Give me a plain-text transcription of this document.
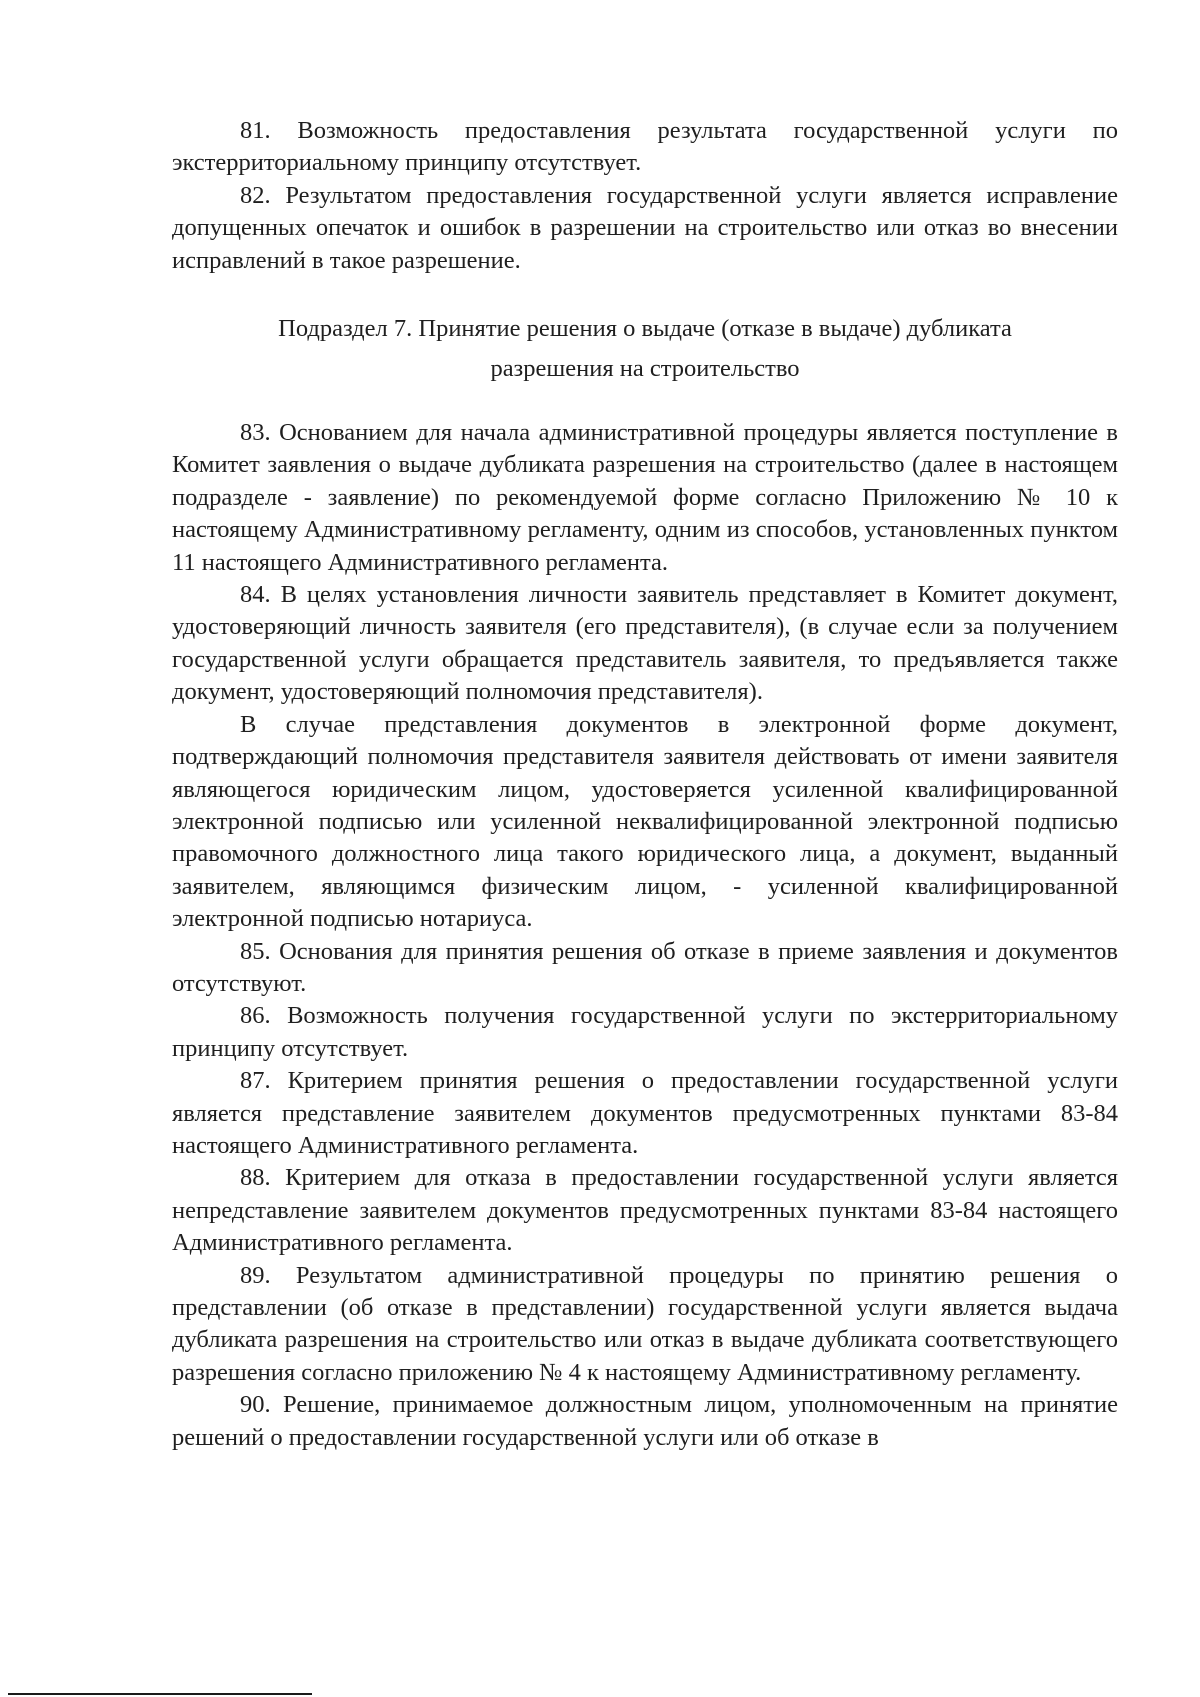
81. Возможность предоставления результата государственной услуги по экстерриториальному принципу отсутствует.

82. Результатом предоставления государственной услуги является исправление допущенных опечаток и ошибок в разрешении на строительство или отказ во внесении исправлений в такое разрешение.

Подраздел 7. Принятие решения о выдаче (отказе в выдаче) дубликата
разрешения на строительство

83. Основанием для начала административной процедуры является поступление в Комитет заявления о выдаче дубликата разрешения на строительство (далее в настоящем подразделе - заявление) по рекомендуемой форме согласно Приложению № 10 к настоящему Административному регламенту, одним из способов, установленных пунктом 11 настоящего Административного регламента.

84. В целях установления личности заявитель представляет в Комитет документ, удостоверяющий личность заявителя (его представителя), (в случае если за получением государственной услуги обращается представитель заявителя, то предъявляется также документ, удостоверяющий полномочия представителя).

В случае представления документов в электронной форме документ, подтверждающий полномочия представителя заявителя действовать от имени заявителя являющегося юридическим лицом, удостоверяется усиленной квалифицированной электронной подписью или усиленной неквалифицированной электронной подписью правомочного должностного лица такого юридического лица, а документ, выданный заявителем, являющимся физическим лицом, - усиленной квалифицированной электронной подписью нотариуса.

85. Основания для принятия решения об отказе в приеме заявления и документов отсутствуют.

86. Возможность получения государственной услуги по экстерриториальному принципу отсутствует.

87. Критерием принятия решения о предоставлении государственной услуги является представление заявителем документов предусмотренных пунктами 83-84 настоящего Административного регламента.

88. Критерием для отказа в предоставлении государственной услуги является непредставление заявителем документов предусмотренных пунктами 83-84 настоящего Административного регламента.

89. Результатом административной процедуры по принятию решения о представлении (об отказе в представлении) государственной услуги является выдача дубликата разрешения на строительство или отказ в выдаче дубликата соответствующего разрешения согласно приложению № 4 к настоящему Административному регламенту.

90. Решение, принимаемое должностным лицом, уполномоченным на принятие решений о предоставлении государственной услуги или об отказе в
